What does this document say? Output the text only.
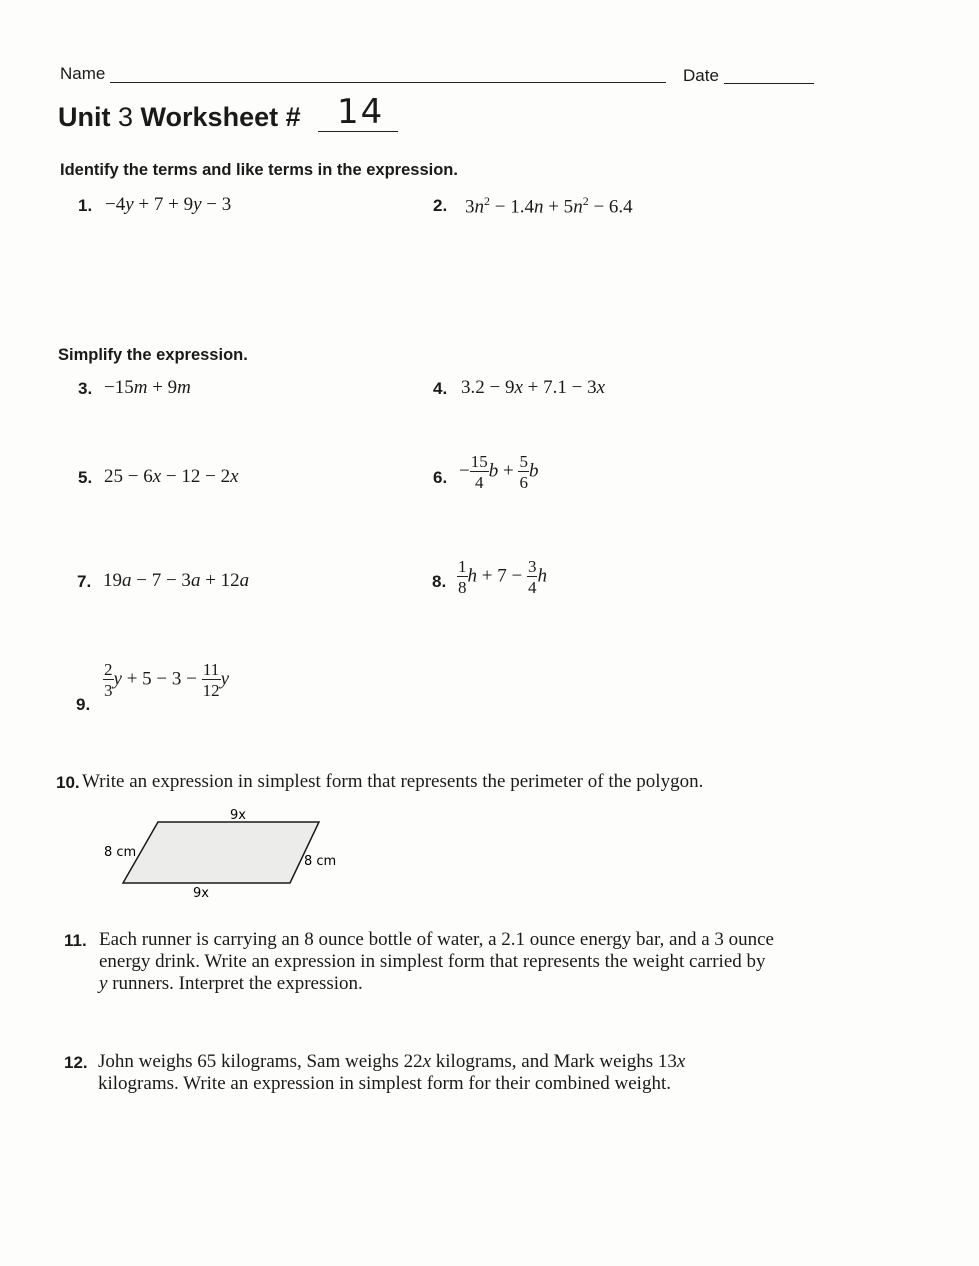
Name	Date
Unit 3 Worksheet # 14
Identify the terms and like terms in the expression.
1. −4y + 7 + 9y − 3	2. $3n^2 - 1.4n + 5n^2 - 6.4$
Simplify the expression.
3. −15m + 9m	4. 3.2 − 9x + 7.1 − 3x
5. 25 − 6x − 12 − 2x	6. − $\frac{15}{4}$ $b + \frac{5}{6}$ b
7. 19a − 7 − 3a + 12a	8. $\frac{1}{8}$ $h + 7 - \frac{3}{4}$ h
9.
$\frac{2}{3}$ $y + 5 - 3 - \frac{11}{12}$ y
10. Write an expression in simplest form that represents the perimeter of the polygon.
9x
9x
8 cm
8 cm
11. Each runner is carrying an 8 ounce bottle of water, a 2.1 ounce energy bar, and a 3 ounce
energy drink. Write an expression in simplest form that represents the weight carried by
y runners. Interpret the expression.
12. John weighs 65 kilograms, Sam weighs 22x kilograms, and Mark weighs 13x
kilograms. Write an expression in simplest form for their combined weight.
